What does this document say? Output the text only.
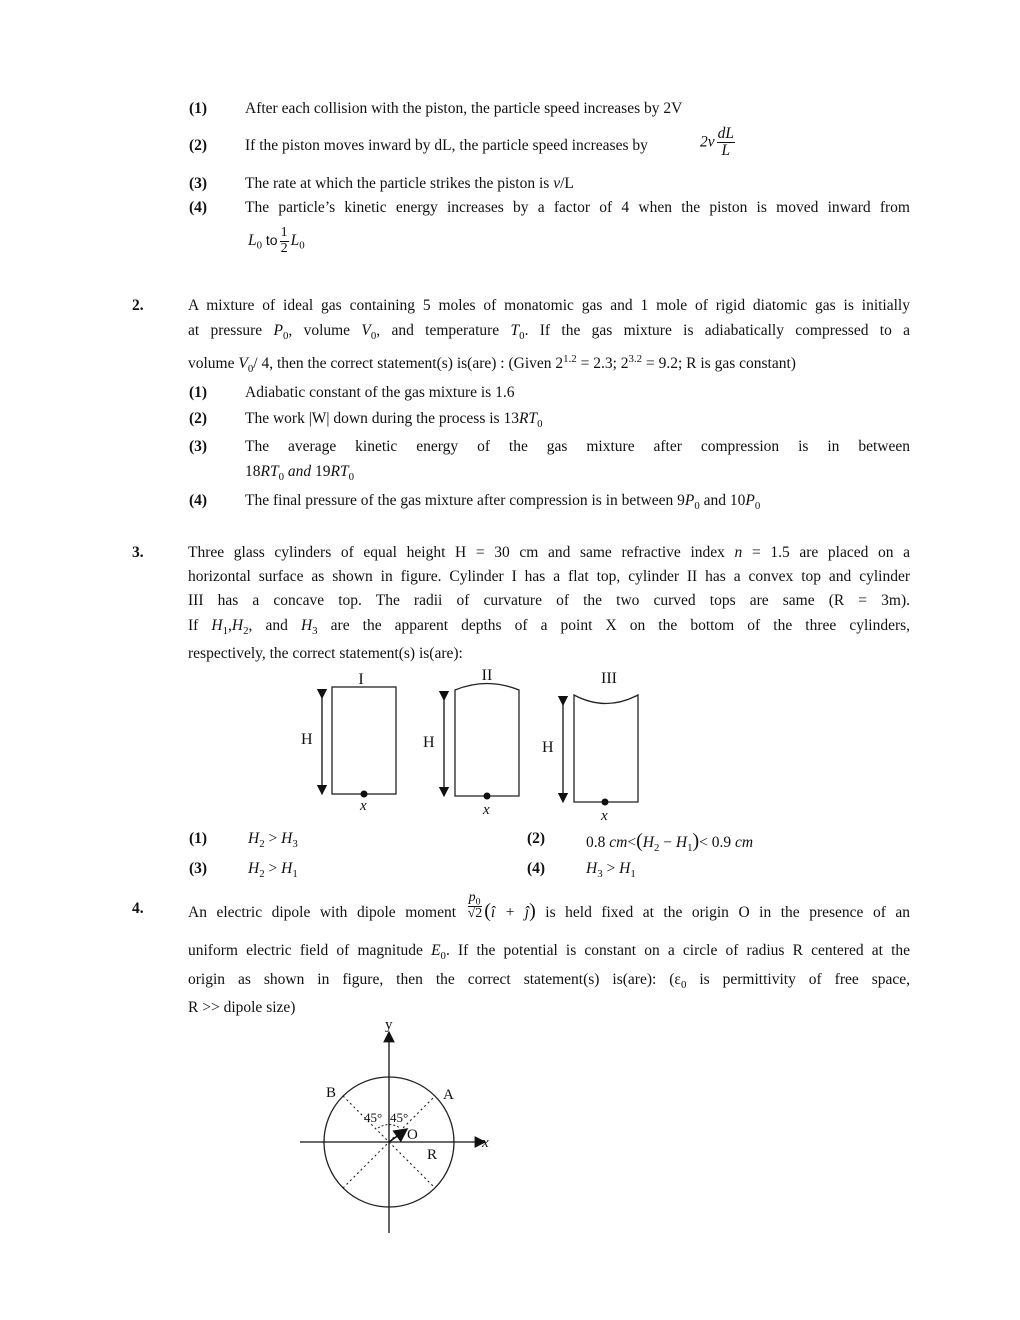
(1) After each collision with the piston, the particle speed increases by 2V
(2) If the piston moves inward by dL, the particle speed increases by	$2v \frac{dL}{L}$
(3) The rate at which the particle strikes the piston is v/L
(4) The particle’s kinetic energy increases by a factor of 4 when the piston is moved inward from
$L_0$ to $\frac{1}{2} L_0$
2.	A mixture of ideal gas containing 5 moles of monatomic gas and 1 mole of rigid diatomic gas is initially
at pressure $P_0$, volume $V_0$, and temperature $T_0$. If the gas mixture is adiabatically compressed to a
volume $V_0/$ 4, then the correct statement(s) is(are) : (Given $2^{1.2} = 2.3$; $2^{3.2} = 9.2$; R is gas constant)
(1) Adiabatic constant of the gas mixture is 1.6
(2) The work |W| down during the process is $13RT_0$
(3) The average kinetic energy of the gas mixture after compression is in between
$18RT_0$ and $19RT_0$
(4) The final pressure of the gas mixture after compression is in between $9P_0$ and $10P_0$
3.	Three glass cylinders of equal height H = 30 cm and same refractive index n = 1.5 are placed on a
horizontal surface as shown in figure. Cylinder I has a flat top, cylinder II has a convex top and cylinder
III has a concave top. The radii of curvature of the two curved tops are same (R = 3m).
If $H_1,H_2$, and $H_3$ are the apparent depths of a point X on the bottom of the three cylinders,
respectively, the correct statement(s) is(are):
I
H
x
II
H
x
III
H
x
(1)	$H_2 > H_3$	(2)	0.8 $cm<(H_2 - H_1)< 0.9$ cm
(3)	$H_2 > H_1$	(4)	$H_3 > H_1$
4.	An electric dipole with dipole moment $\frac{p_0}{√2}$ (î + ĵ) is held fixed at the origin O in the presence of an
uniform electric field of magnitude $E_0$. If the potential is constant on a circle of radius R centered at the
origin as shown in figure, then the correct statement(s) is(are): ($\varepsilon_0$ is permittivity of free space,
R >> dipole size)
y
x
B	A
O
R
45° 45°
